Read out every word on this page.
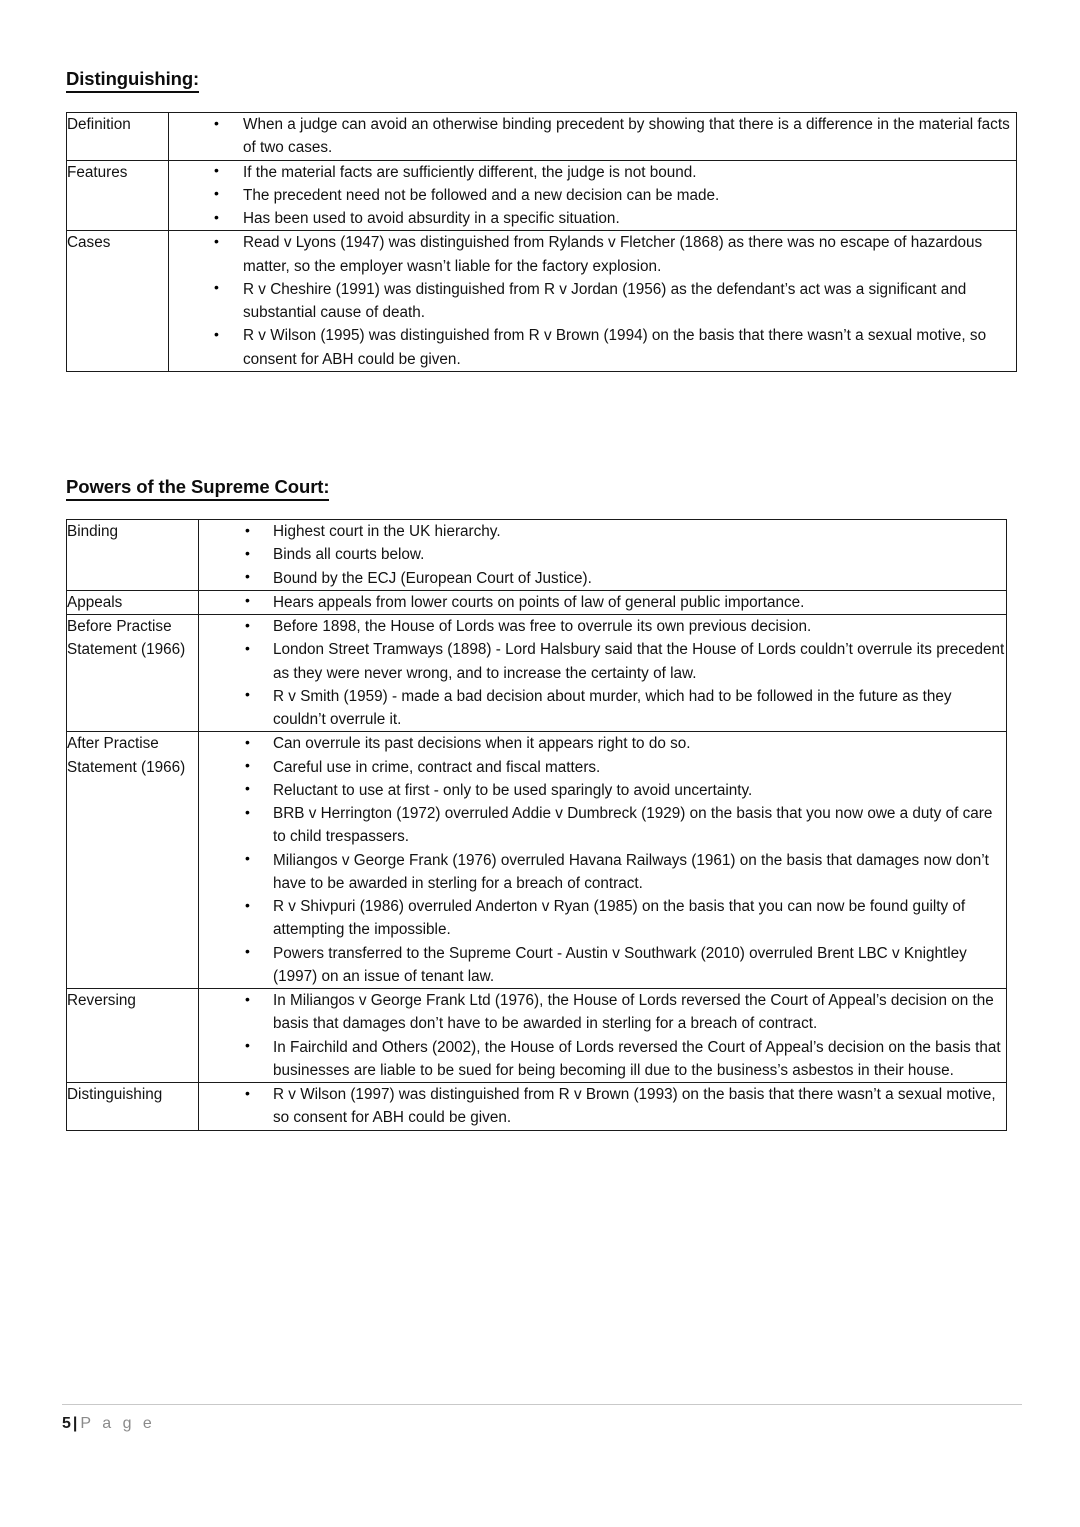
Distinguishing:
Definition	
•When a judge can avoid an otherwise binding precedent by showing that there is a difference in the material facts of two cases.

Features	
•If the material facts are sufficiently different, the judge is not bound.
• The precedent need not be followed and a new decision can be made.
• Has been used to avoid absurdity in a specific situation.

Cases	
•Read v Lyons (1947) was distinguished from Rylands v Fletcher (1868) as there was no escape of hazardous matter, so the employer wasn’t liable for the factory explosion.
• R v Cheshire (1991) was distinguished from R v Jordan (1956) as the defendant’s act was a significant and substantial cause of death.
• R v Wilson (1995) was distinguished from R v Brown (1994) on the basis that there wasn’t a sexual motive, so consent for ABH could be given.
Powers of the Supreme Court:
Binding	
•Highest court in the UK hierarchy.
• Binds all courts below.
• Bound by the ECJ (European Court of Justice).

Appeals	
•Hears appeals from lower courts on points of law of general public importance.

Before Practise Statement (1966)	
• Before 1898, the House of Lords was free to overrule its own previous decision.
• London Street Tramways (1898) - Lord Halsbury said that the House of Lords couldn’t overrule its precedent as they were never wrong, and to increase the certainty of law.
• R v Smith (1959) - made a bad decision about murder, which had to be followed in the future as they couldn’t overrule it.

After Practise Statement (1966)	
• Can overrule its past decisions when it appears right to do so.
• Careful use in crime, contract and fiscal matters.
• Reluctant to use at first - only to be used sparingly to avoid uncertainty.
• BRB v Herrington (1972) overruled Addie v Dumbreck (1929) on the basis that you now owe a duty of care to child trespassers.
• Miliangos v George Frank (1976) overruled Havana Railways (1961) on the basis that damages now don’t have to be awarded in sterling for a breach of contract.
• R v Shivpuri (1986) overruled Anderton v Ryan (1985) on the basis that you can now be found guilty of attempting the impossible.
• Powers transferred to the Supreme Court - Austin v Southwark (2010) overruled Brent LBC v Knightley (1997) on an issue of tenant law.

Reversing	
•In Miliangos v George Frank Ltd (1976), the House of Lords reversed the Court of Appeal’s decision on the basis that damages don’t have to be awarded in sterling for a breach of contract.
• In Fairchild and Others (2002), the House of Lords reversed the Court of Appeal’s decision on the basis that businesses are liable to be sued for being becoming ill due to the business’s asbestos in their house.

Distinguishing	
•R v Wilson (1997) was distinguished from R v Brown (1993) on the basis that there wasn’t a sexual motive, so consent for ABH could be given.
5 | P a g e
